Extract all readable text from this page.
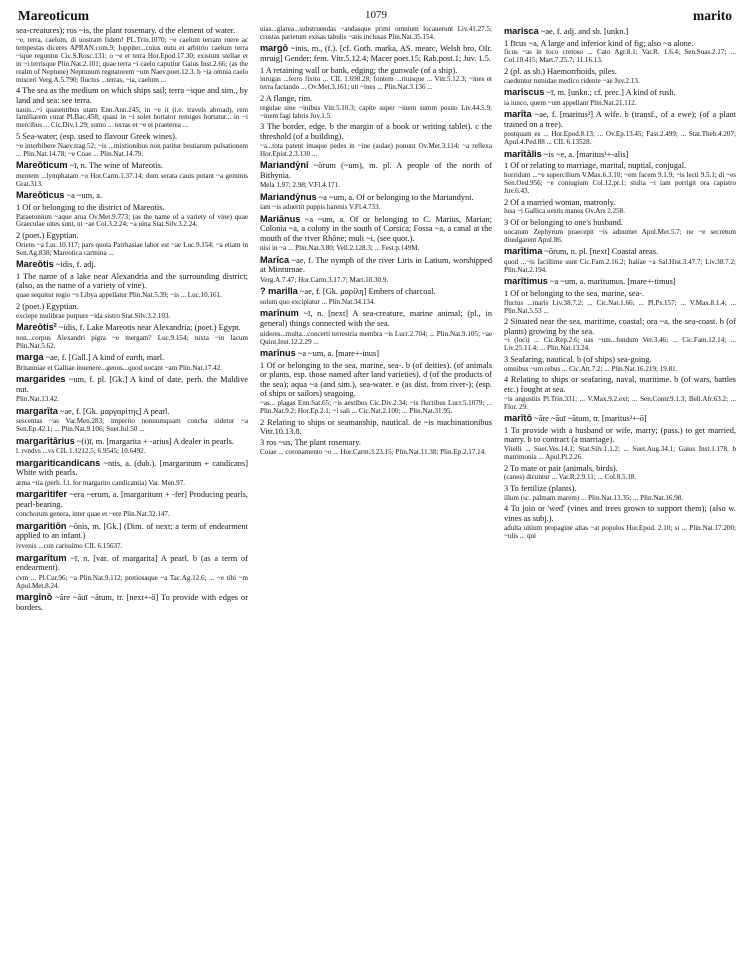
Mareoticum	1079	marito
sea-creatures); ros ~is, the plant rosemary. d the element of water.
~e, terra, caelum, di uostram fidem! PL.Trin.1070; ~e caelum terram ruere ac tempestas diceres APRAN.com.9; Iuppiter...cuius nutu et arbitrio caelum terra ~ique reguntur Cic.S.Rosc.131; o ~e et terra Hor.Epod.17.30; existunt stellae et in ~i terrisque Plin.Nat.2.101; quae terra ~i caelo caputiur Gaius Inst.2.66; (as the realm of Neptune) Neptunum regnatorem ~um Naev.poet.12.3. b ~ia omnia caelo misceri Verg.A.5.790; fluctus ...terras, ~ia, caelum ...
4 The sea as the medium on which ships sail; terra ~ique and sim., by land and sea: see terra.
nauis...~i quasentibus utam Enn.Ann.245; in ~e it (i.e. travels abroad), rem familiarem curat Pl.Bac.458; quasi in ~i solet hortator remiges hortatur... in ~i mercibus ... Cic.Div.1.29; sumo ... terras et ~e et praeterea ...
5 Sea-water; (esp. used to flavour Greek wines).
~e interbibere Naev.trag.52; ~is ...mixtionibus non patitur bestiarum pulsationem ... Plin.Nat.14.78; ~e Coae ... Plin.Nat.14.79.
Mareōticum ~ī, n. The wine of Mareotis.
mentem ...lymphatam ~o Hor.Carm.1.37.14; dum serata cauis potant ~a gemmis Grat.313.
Mareōticus ~a ~um, a.
1 Of or belonging to the district of Mareotis.
Paraetonium ~aque arua Ov.Met.9.773; (as the name of a variety of vine) quae Graeculae uites sunt, ut ~ae Col.3.2.24; ~a uina Stat.Silv.3.2.24.
2 (poet.) Egyptian.
Oriens ~a Luc.10.117; pars quota Parrhasiae labor est ~ae Luc.9.154; ~a etiam in Sen.Ag.838; Mareotica carmina ...
Mareōtis ~idis, f. adj.
1 The name of a lake near Alexandria and the surrounding district; (also, as the name of a variety of vine).
quae sequitur regio ~s Libya appellatur Plin.Nat.5.39; ~is ... Luc.10.161.
2 (poet.) Egyptian.
exciepe mulibrae purpure ~ida sistro Stat.Silv.3.2.103.
Mareōtis² ~idis, f. Lake Mareotis near Alexandria; (poet.) Egypt.
non...corpus Alexandri pigra ~e mergam? Luc.9.154; tuxta ~in lacum Plin.Nat.5.62.
marga ~ae, f. [Gall.] A kind of earth, marl.
Britanniae et Galliae inuenere...genus...quod uocant ~am Plin.Nat.17.42.
margarides ~um, f. pl. [Gk.] A kind of date, perh. the Maldive nut.
Plin.Nat.13.42.
margarīta ~ae, f. [Gk. μαργαρίτης] A pearl.
sescentas ~as Var.Men.283; imperito nonnumquam concha uidetur ~a Sen.Ep.42.1; ... Plin.Nat.9.106; Suet.Iul.50 ...
margarītārius ~(i)ī, m. [margarita + -arius] A dealer in pearls.
l. rvndvs ...vs CIL 1.1212.5; 6.9545; 10.6492.
margariticandicans ~ntis, a. (dub.). [margaritum + candicans] White with pearls.
arma ~tia (perh. f.l. for margarito candicantia) Var. Men.97.
margaritifer ~era ~erum, a. [margaritum + -fer] Producing pearls, pearl-bearing.
conchorum genera, inter quae et ~ere Plin.Nat.32.147.
margaritiōn ~ōnis, m. [Gk.] (Dim. of next; a term of endearment applied to an infant.)
ivvenis ...con carissimo CIL 6.15637.
margarītum ~ī, n. [var. of margarita] A pearl. b (as a term of endearment).
cvm ... Pl.Cur.96; ~a Plin.Nat.9.112; pretiosaque ~a Tac.Ag.12.6; ... ~e tibi ~m Apul.Met.8.24.
margīnō ~āre ~āuī ~ātum, tr. [next+-ō] To provide with edges or borders.
uias...glarea...substruendas ~andasque primi omnium locauerunt Liv.41.27.5; crustas parietum exisas tabulis ~atis inclusas Plin.Nat.35.154.
margō ~inis, m., (f.). [cf. Goth. marka, AS. mearc, Welsh bro, OIr. mruig] Gender: fem. Vitr.5.12.4; Macer poet.15; Rab.post.1; Juv. 1.5.
1 A retaining wall or bank, edging; the gunwale (of a ship).
inrugas ...ferro fixito ... CIL 1.698.28; fontem ...riuisque ... Vitr.5.12.3; ~ines et terra factando ... Ov.Met.3.161; uti ~ines ... Plin.Nat.3.136 ...
2 A flange, rim.
regulae sine ~inibus Vitr.5.10.3; capite super ~inem summ posito Liv.44.5.9; ~inem fagi labris Juv.1.5.
3 The border, edge. b the margin of a book or writing tablet). c the threshold (of a building).
~a...tota patent imaque pedes in ~ine (aulae) ponunt Ov.Met.3.114; ~a reflexa Hor.Epist.2.3.130 ...
Mariandȳnī ~ōrum (~um), m. pl. A people of the north of Bithynia.
Mela 1.97; 2.98; V.Fl.4.171.
Mariandȳnus ~a ~um, a. Of or belonging to the Mariandyni.
iam ~is aduertit puppis harenis V.Fl.4.733.
Mariānus ~a ~um, a. Of or belonging to C. Marius, Marian; Colonia ~a, a colony in the south of Corsica; Fossa ~a, a canal at the mouth of the river Rhône; muli ~i, (see quot.).
nisi in ~a ... Plin.Nat.3.80; Vell.2.128.3; ... Fest.p.149M.
Marīca ~ae, f. The nymph of the river Liris in Latium, worshipped at Minturnae.
Verg.A.7.47; Hor.Carm.3.17.7; Mart.10.30.9.
? marilla ~ae, f. [Gk. μαρίλη] Embers of charcoal.
solum quo exciplatur ... Plin.Nat.34.134.
marīnum ~ī, n. [next] A sea-creature, marine animal; (pl., in general) things connected with the sea.
uideres...multa...concerti terrestria membra ~is Lucr.2.704; ... Plin.Nat.9.105; ~ae Quint.Inst.12.2.29 ...
marīnus ~a ~um, a. [mare+-inus]
1 Of or belonging to the sea, marine, sea-. b (of deities). (of animals or plants, esp. those named after land varieties). d (of the products of the sea); aqua ~a (and sim.), sea-water. e (as dist. from river-); (esp. of ships or sailors) seagoing.
~as... plagas Enn.Sat.65; ~is aestibus Cic.Div.2.34; ~is fluctibus Lucr.5.1079; ... Plin.Nat.9.2; Hor.Ep.2.1; ~i sali ... Cic.Nat.2.100; ... Plin.Nat.31.95.
2 Relating to ships or seamanship, nautical. de ~is machinationibus Vitr.10.13.8.
3 ros ~us, The plant rosemary.
Coiae ... coronamento ~o ... Hor.Carm.3.23.15; Plin.Nat.11.38; Plin.Ep.2.17.14.
marisca ~ae, f. adj. and sb. [unkn.]
1 fīcus ~a, A large and inferior kind of fig; also ~a alone.
ficus ~as in loco cretoso ... Cato Agr.8.1; Var.R. 1.6.4; Sen.Suas.2.17; ... Col.10.415; Mart.7.25.7; 11.16.13.
2 (pl. as sb.) Haemorrhoids, piles.
caeduntur tumidae medico ridente ~ae Juv.2.13.
mariscus ~ī, m. [unkn.; cf. prec.] A kind of rush.
ia iunco, quem ~um appellant Plin.Nat.21.112.
marīta ~ae, f. [maritus²] A wife. b (transf., of a ewe); (of a plant trained on a tree).
postquam es ... Hor.Epod.8.13; ... Ov.Ep.13.45; Fast.2.499; ... Stat.Theb.4.207; Apul.4.Ped.88 ... CIL 6.13528.
marītālis ~is ~e, a. [maritus¹+-alis]
1 Of or relating to marriage, marital, nuptial, conjugal.
horridum ...~e supercilium V.Max.6.3.10; ~em facem 9.1.9; ~is lecti 9.5.1; di ~es Sen.Oed.956; ~e coniugium Col.12.pr.1; stulta ~i iam porrigit ora capistro Juv.6.43.
2 Of a married woman, matronly.
lusa ~i Gallica uestis manus Ov.Ars 2.258.
3 Of or belonging to one's husband.
uocatum Zephyrum praecepit ~is adnumet Apul.Met.5.7; ne ~e secretum diuulgarent Apul.86.
marītima ~ōrum, n. pl. [next] Coastal areas.
quod ...~is facillime sunt Cic.Fam.2.16.2; Italiae ~a Sal.Hist.3.47.7; Liv.38.7.2; Plin.Nat.2.194.
marītimus ~a ~um, a. maritumus. [mare+-timus]
1 Of or belonging to the sea, marine, sea-.
fluctus ...maris Liv.38.7.2; ... Cic.Nat.1.66; ... Pl.Ps.157; ... V.Max.8.1.4; ... Plin.Nat.5.53 ...
2 Situated near the sea, maritime, coastal; ora ~a, the sea-coast. b (of plants) growing by the sea.
~i (loci) ... Cic.Rep.2.6; uas ~um...fundum Ver.3.46; ... Cic.Fam.12.14; ... Liv.25.11.4; ... Plin.Nat.13.24.
3 Seafaring, nautical. b (of ships) sea-going.
omnibus ~um rebus ... Cic.Att.7.2; ... Plin.Nat.16.219; 19.81.
4 Relating to ships or seafaring, naval, maritime. b (of wars, battles etc.) fought at sea.
~is angustiis Pl.Trin.331; ... V.Max.9.2.ext; ... Sen.Contr.9.1.3; Bell.Afr.63.2; ... Flor. 29.
marītō ~āre ~āuī ~ātum, tr. [maritus²+-ō]
1 To provide with a husband or wife, marry; (pass.) to get married, marry. b to contract (a marriage).
Vitelli ... Suet.Ves.14.1; Stat.Silv.1.1.2; ... Suet.Aug.34.1; Gaius Inst.1.178. b matrimonia ... Apul.Pl.2.26.
2 To mate or pair (animals, birds).
(canes) dicuntur ... Var.R.2.9.11; ... Col.8.5.18.
3 To fertilize (plants).
illum (sc. palmam marem) ... Plin.Nat.13.35; ... Plin.Nat.16.98.
4 To join or 'wed' (vines and trees grown to support them); (also w. vines as subj.).
adulta uitium propagine altas ~at populos Hor.Epod. 2.10; si ... Plin.Nat.17.200; ~ulis ... qui
